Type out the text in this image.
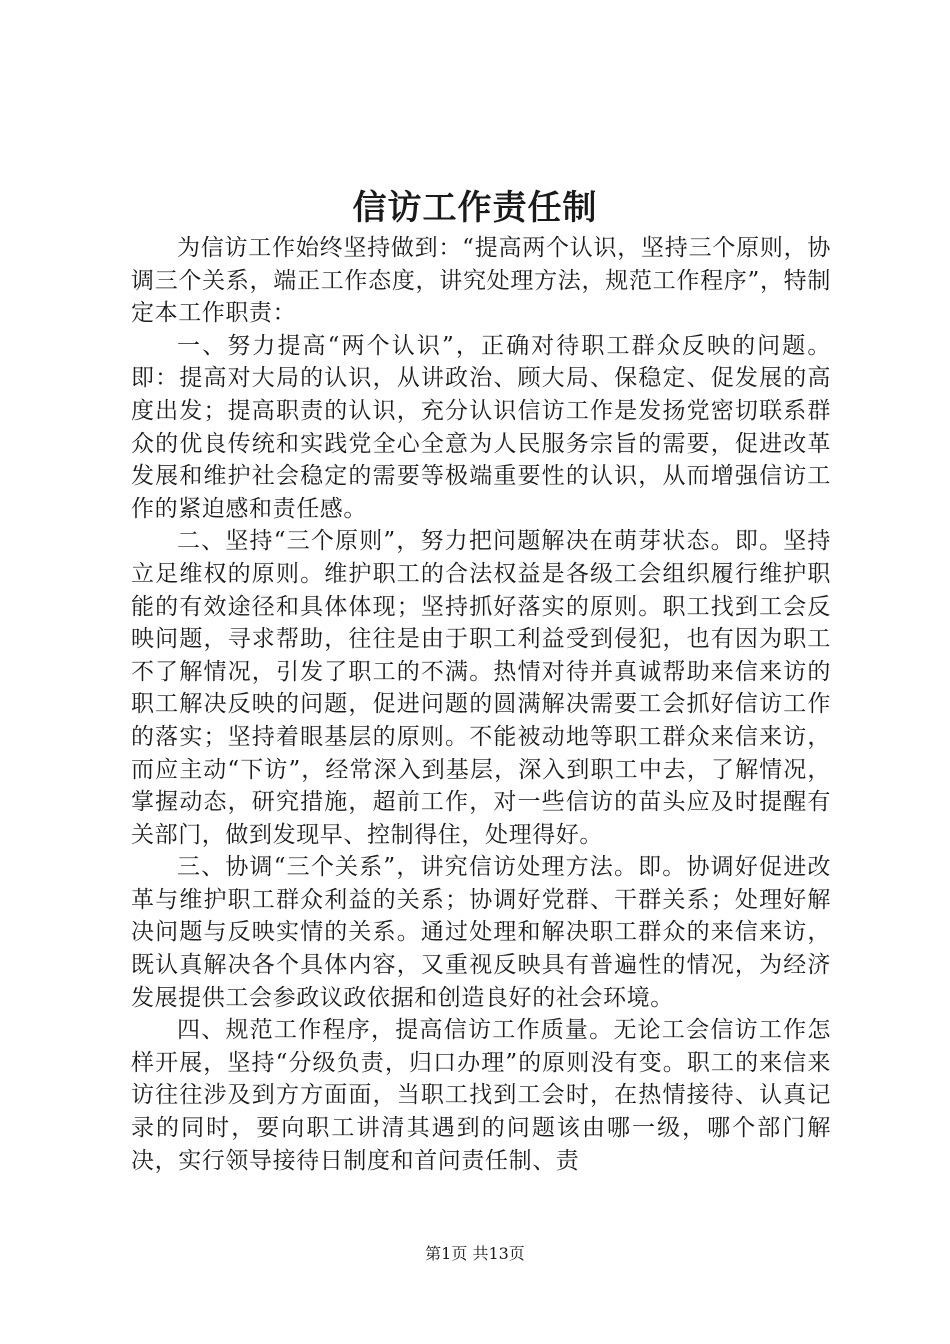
信访工作责任制

为信访工作始终坚持做到：“提高两个认识，坚持三个原则，协调三个关系，端正工作态度，讲究处理方法，规范工作程序”，特制定本工作职责：

一、努力提高“两个认识”，正确对待职工群众反映的问题。即：提高对大局的认识，从讲政治、顾大局、保稳定、促发展的高度出发；提高职责的认识，充分认识信访工作是发扬党密切联系群众的优良传统和实践党全心全意为人民服务宗旨的需要，促进改革发展和维护社会稳定的需要等极端重要性的认识，从而增强信访工作的紧迫感和责任感。

二、坚持“三个原则”，努力把问题解决在萌芽状态。即。坚持立足维权的原则。维护职工的合法权益是各级工会组织履行维护职能的有效途径和具体体现；坚持抓好落实的原则。职工找到工会反映问题，寻求帮助，往往是由于职工利益受到侵犯，也有因为职工不了解情况，引发了职工的不满。热情对待并真诚帮助来信来访的职工解决反映的问题，促进问题的圆满解决需要工会抓好信访工作的落实；坚持着眼基层的原则。不能被动地等职工群众来信来访，而应主动“下访”，经常深入到基层，深入到职工中去，了解情况，掌握动态，研究措施，超前工作，对一些信访的苗头应及时提醒有关部门，做到发现早、控制得住，处理得好。

三、协调“三个关系”，讲究信访处理方法。即。协调好促进改革与维护职工群众利益的关系；协调好党群、干群关系；处理好解决问题与反映实情的关系。通过处理和解决职工群众的来信来访，既认真解决各个具体内容，又重视反映具有普遍性的情况，为经济发展提供工会参政议政依据和创造良好的社会环境。

四、规范工作程序，提高信访工作质量。无论工会信访工作怎样开展，坚持“分级负责，归口办理”的原则没有变。职工的来信来访往往涉及到方方面面，当职工找到工会时，在热情接待、认真记录的同时，要向职工讲清其遇到的问题该由哪一级，哪个部门解决，实行领导接待日制度和首问责任制、责

第1页 共13页
